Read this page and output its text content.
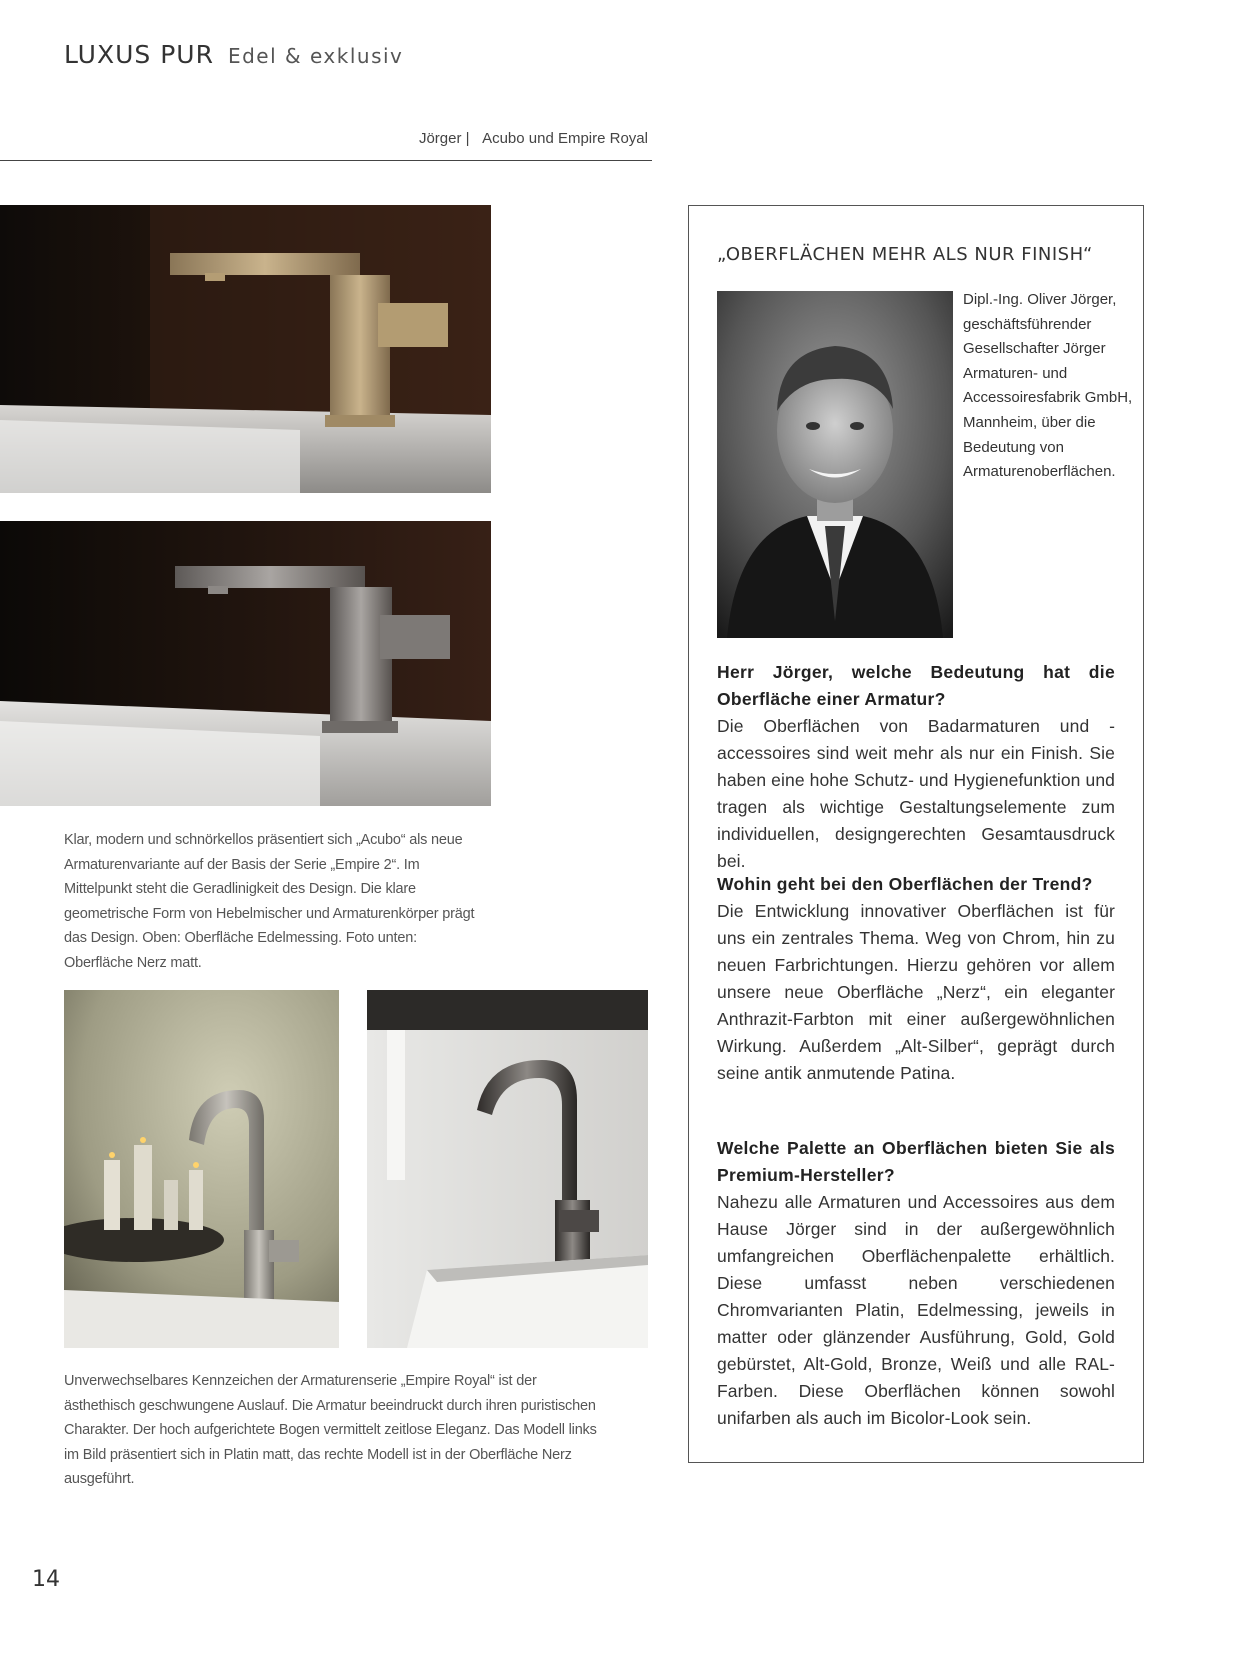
LUXUS PUR Edel & exklusiv
Jörger | Acubo und Empire Royal
Klar, modern und schnörkellos präsentiert sich „Acubo“ als neue Armaturenvariante auf der Basis der Serie „Empire 2“. Im Mittelpunkt steht die Geradlinigkeit des Design. Die klare geometrische Form von Hebelmischer und Armaturenkörper prägt das Design. Oben: Oberfläche Edelmessing. Foto unten: Oberfläche Nerz matt.
Unverwechselbares Kennzeichen der Armaturenserie „Empire Royal“ ist der ästhethisch geschwungene Auslauf. Die Armatur beeindruckt durch ihren puristischen Charakter. Der hoch aufgerichtete Bogen vermittelt zeitlose Eleganz. Das Modell links im Bild präsentiert sich in Platin matt, das rechte Modell ist in der Oberfläche Nerz ausgeführt.
„OBERFLÄCHEN MEHR ALS NUR FINISH“
Dipl.-Ing. Oliver Jörger, geschäftsführender Gesellschafter Jörger Armaturen- und Accessoiresfabrik GmbH, Mannheim, über die Bedeutung von Armaturenoberflächen.

Herr Jörger, welche Bedeutung hat die Oberfläche einer Armatur?

Die Oberflächen von Badarmaturen und -accessoires sind weit mehr als nur ein Finish. Sie haben eine hohe Schutz- und Hygienefunktion und tragen als wichtige Gestaltungselemente zum individuellen, designgerechten Gesamtausdruck bei.

Wohin geht bei den Oberflächen der Trend?

Die Entwicklung innovativer Oberflächen ist für uns ein zentrales Thema. Weg von Chrom, hin zu neuen Farbrichtungen. Hierzu gehören vor allem unsere neue Oberfläche „Nerz“, ein eleganter Anthrazit-Farbton mit einer außergewöhnlichen Wirkung. Außerdem „Alt-Silber“, geprägt durch seine antik anmutende Patina.

Welche Palette an Oberflächen bieten Sie als Premium-Hersteller?

Nahezu alle Armaturen und Accessoires aus dem Hause Jörger sind in der außergewöhnlich umfangreichen Oberflächenpalette erhältlich. Diese umfasst neben verschiedenen Chromvarianten Platin, Edelmessing, jeweils in matter oder glänzender Ausführung, Gold, Gold gebürstet, Alt-Gold, Bronze, Weiß und alle RAL-Farben. Diese Oberflächen können sowohl unifarben als auch im Bicolor-Look sein.

14
